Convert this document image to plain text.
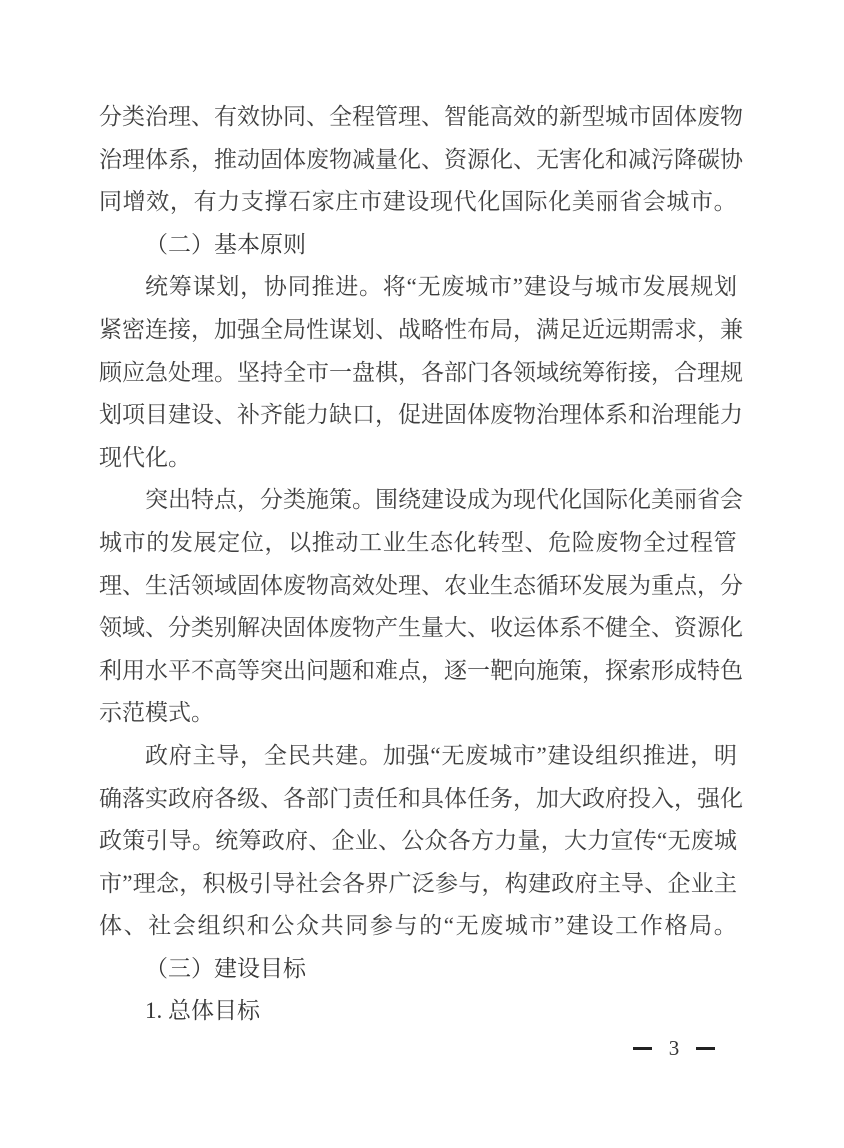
分 类 治 理 、 有 效 协 同 、 全 程 管 理 、 智 能 高 效 的 新 型 城 市 固 体 废 物
治 理 体 系 ， 推 动 固 体 废 物 减 量 化 、 资 源 化 、 无 害 化 和 减 污 降 碳 协
同 增 效 ， 有 力 支 撑 石 家 庄 市 建 设 现 代 化 国 际 化 美 丽 省 会 城 市 。
（二）基本原则
统 筹 谋 划 ， 协 同 推 进 。 将 “ 无 废 城 市 ” 建 设 与 城 市 发 展 规 划
紧 密 连 接 ， 加 强 全 局 性 谋 划 、 战 略 性 布 局 ， 满 足 近 远 期 需 求 ， 兼
顾 应 急 处 理 。 坚 持 全 市 一 盘 棋 ， 各 部 门 各 领 域 统 筹 衔 接 ， 合 理 规
划 项 目 建 设 、 补 齐 能 力 缺 口 ， 促 进 固 体 废 物 治 理 体 系 和 治 理 能 力
现代化。
突 出 特 点 ， 分 类 施 策 。 围 绕 建 设 成 为 现 代 化 国 际 化 美 丽 省 会
城 市 的 发 展 定 位 ， 以 推 动 工 业 生 态 化 转 型 、 危 险 废 物 全 过 程 管
理 、 生 活 领 域 固 体 废 物 高 效 处 理 、 农 业 生 态 循 环 发 展 为 重 点 ， 分
领 域 、 分 类 别 解 决 固 体 废 物 产 生 量 大 、 收 运 体 系 不 健 全 、 资 源 化
利 用 水 平 不 高 等 突 出 问 题 和 难 点 ， 逐 一 靶 向 施 策 ， 探 索 形 成 特 色
示范模式。
政 府 主 导 ， 全 民 共 建 。 加 强 “ 无 废 城 市 ” 建 设 组 织 推 进 ， 明
确 落 实 政 府 各 级 、 各 部 门 责 任 和 具 体 任 务 ， 加 大 政 府 投 入 ， 强 化
政 策 引 导 。 统 筹 政 府 、 企 业 、 公 众 各 方 力 量 ， 大 力 宣 传 “ 无 废 城
市 ” 理 念 ， 积 极 引 导 社 会 各 界 广 泛 参 与 ， 构 建 政 府 主 导 、 企 业 主
体 、 社 会 组 织 和 公 众 共 同 参 与 的 “ 无 废 城 市 ” 建 设 工 作 格 局 。
（三）建设目标
1. 总体目标
3
